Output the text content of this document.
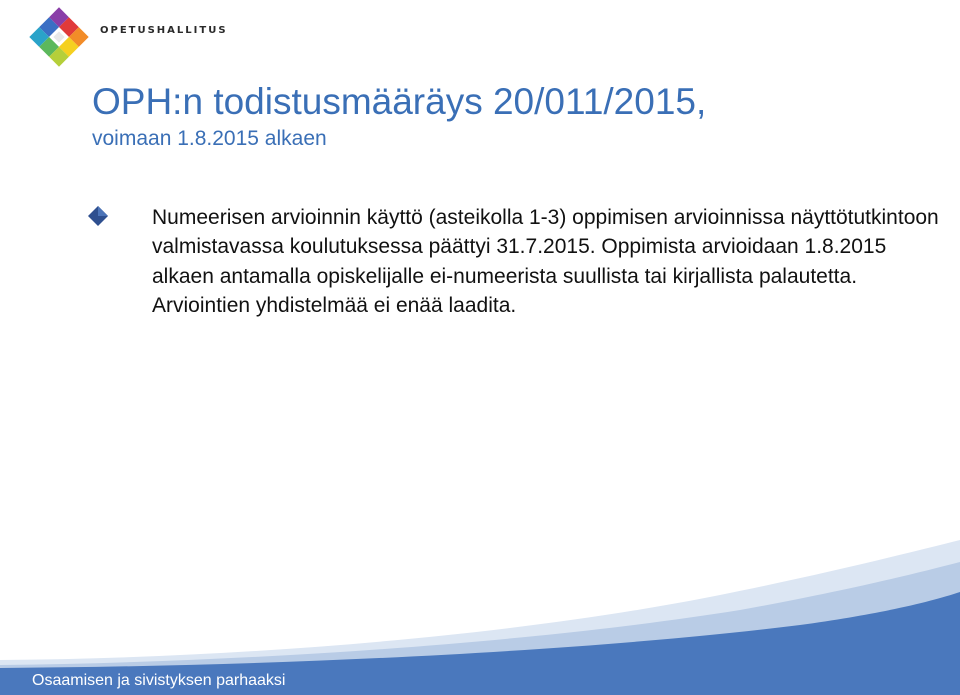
OPETUSHALLITUS
OPH:n todistusmääräys 20/011/2015,
voimaan 1.8.2015 alkaen

Numeerisen arvioinnin käyttö (asteikolla 1-3) oppimisen arvioinnissa näyttötutkintoon valmistavassa koulutuksessa päättyi 31.7.2015. Oppimista arvioidaan 1.8.2015 alkaen antamalla opiskelijalle ei-numeerista suullista tai kirjallista palautetta. Arviointien yhdistelmää ei enää laadita.

Osaamisen ja sivistyksen parhaaksi
